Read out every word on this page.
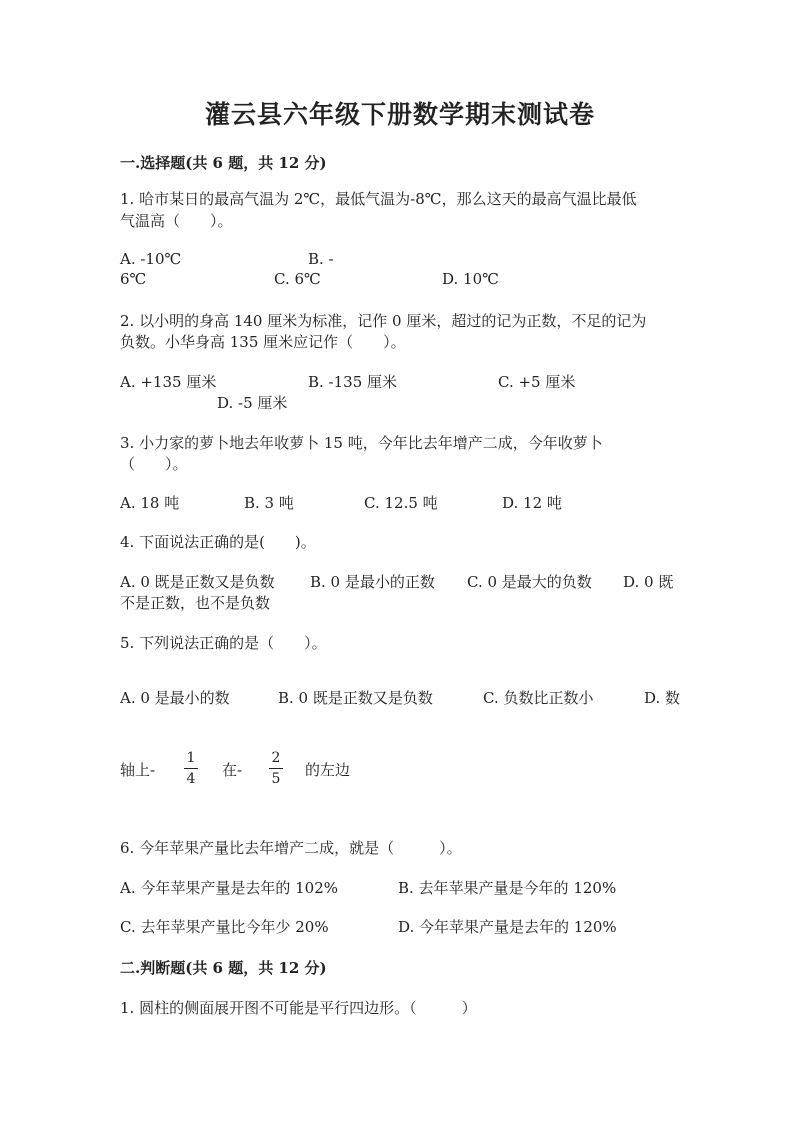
灌云县六年级下册数学期末测试卷
一.选择题(共 6 题，共 12 分)
1. 哈市某日的最高气温为 2℃，最低气温为-8℃，那么这天的最高气温比最低
气温高（　　）。
A. -10℃	B. -
6℃	C. 6℃	D. 10℃
2. 以小明的身高 140 厘米为标准，记作 0 厘米，超过的记为正数，不足的记为
负数。小华身高 135 厘米应记作（　　）。
A. +135 厘米	B. -135 厘米	C. +5 厘米
D. -5 厘米
3. 小力家的萝卜地去年收萝卜 15 吨，今年比去年增产二成，今年收萝卜
（　　）。
A. 18 吨	B. 3 吨	C. 12.5 吨	D. 12 吨
4. 下面说法正确的是(　　)。
A. 0 既是正数又是负数 B. 0 是最小的正数 C. 0 是最大的负数 D. 0 既
不是正数，也不是负数
5. 下列说法正确的是（　　）。
A. 0 是最小的数	B. 0 既是正数又是负数	C. 负数比正数小	D. 数
轴上-
1
4 在-
2
5 的左边
6. 今年苹果产量比去年增产二成，就是（　　　）。
A. 今年苹果产量是去年的 102%	B. 去年苹果产量是今年的 120%
C. 去年苹果产量比今年少 20%	D. 今年苹果产量是去年的 120%
二.判断题(共 6 题，共 12 分)
1. 圆柱的侧面展开图不可能是平行四边形。（　　　）
